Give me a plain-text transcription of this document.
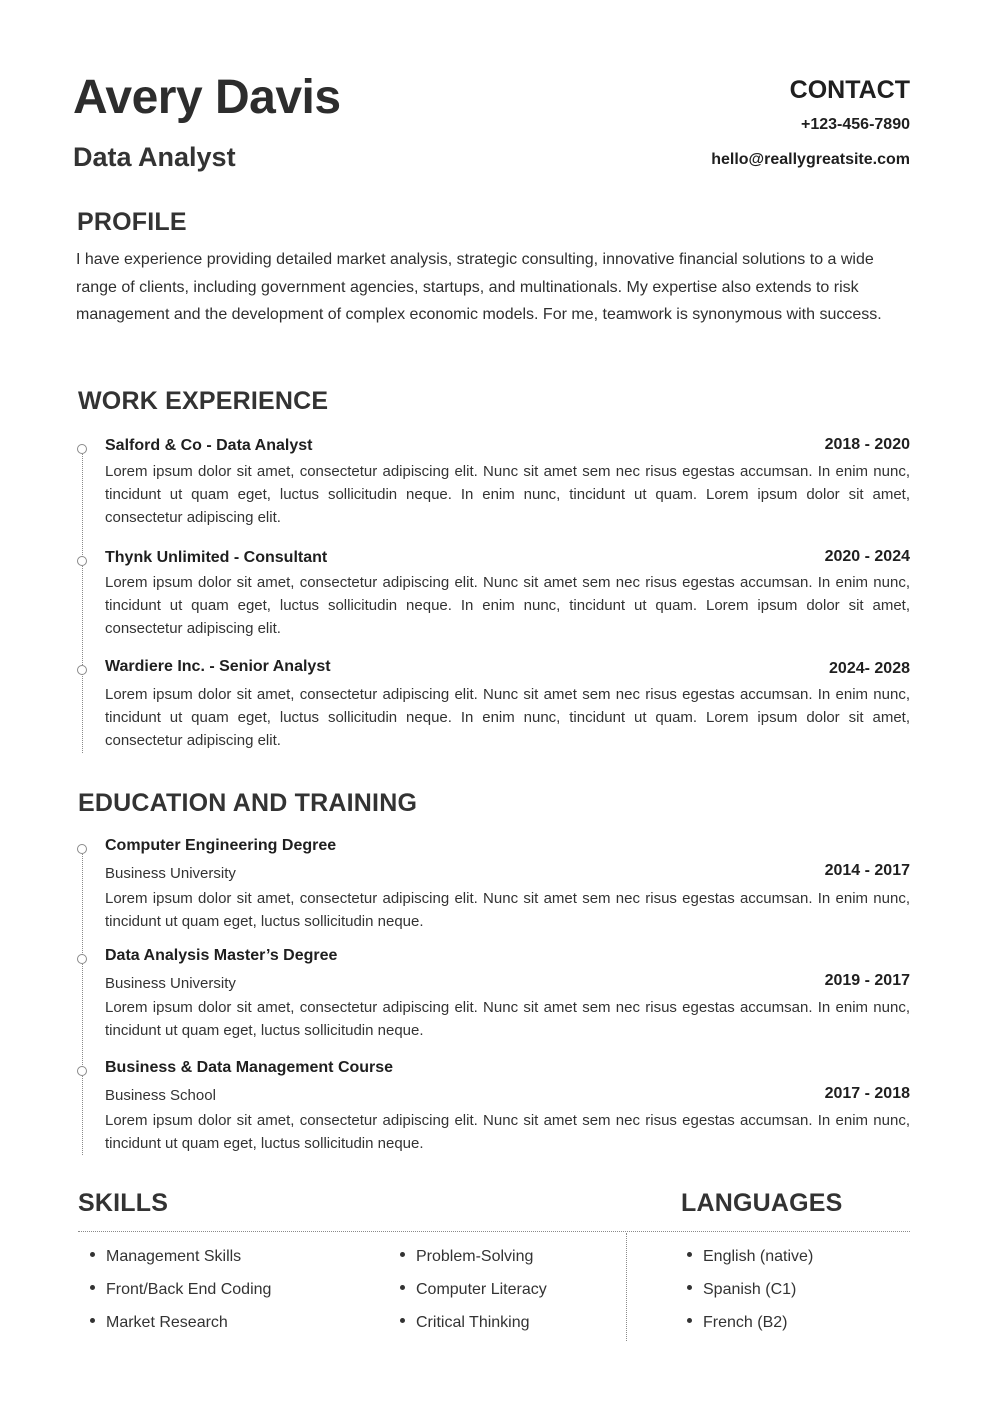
Avery Davis
Data Analyst
CONTACT
+123-456-7890
hello@reallygreatsite.com
PROFILE
I have experience providing detailed market analysis, strategic consulting, innovative financial solutions to a wide range of clients, including government agencies, startups, and multinationals. My expertise also extends to risk management and the development of complex economic models. For me, teamwork is synonymous with success.
WORK EXPERIENCE
Salford & Co - Data Analyst	2018 - 2020
Lorem ipsum dolor sit amet, consectetur adipiscing elit. Nunc sit amet sem nec risus egestas accumsan. In enim nunc, tincidunt ut quam eget, luctus sollicitudin neque. In enim nunc, tincidunt ut quam. Lorem ipsum dolor sit amet, consectetur adipiscing elit.
Thynk Unlimited - Consultant	2020 - 2024
Lorem ipsum dolor sit amet, consectetur adipiscing elit. Nunc sit amet sem nec risus egestas accumsan. In enim nunc, tincidunt ut quam eget, luctus sollicitudin neque. In enim nunc, tincidunt ut quam. Lorem ipsum dolor sit amet, consectetur adipiscing elit.
Wardiere Inc. - Senior Analyst	2024- 2028
Lorem ipsum dolor sit amet, consectetur adipiscing elit. Nunc sit amet sem nec risus egestas accumsan. In enim nunc, tincidunt ut quam eget, luctus sollicitudin neque. In enim nunc, tincidunt ut quam. Lorem ipsum dolor sit amet, consectetur adipiscing elit.
EDUCATION AND TRAINING
Computer Engineering Degree
Business University	2014 - 2017
Lorem ipsum dolor sit amet, consectetur adipiscing elit. Nunc sit amet sem nec risus egestas accumsan. In enim nunc, tincidunt ut quam eget, luctus sollicitudin neque.
Data Analysis Master’s Degree
Business University	2019 - 2017
Lorem ipsum dolor sit amet, consectetur adipiscing elit. Nunc sit amet sem nec risus egestas accumsan. In enim nunc, tincidunt ut quam eget, luctus sollicitudin neque.
Business & Data Management Course
Business School	2017 - 2018
Lorem ipsum dolor sit amet, consectetur adipiscing elit. Nunc sit amet sem nec risus egestas accumsan. In enim nunc, tincidunt ut quam eget, luctus sollicitudin neque.
SKILLS	LANGUAGES
Management Skills
Front/Back End Coding
Market Research
Problem-Solving
Computer Literacy
Critical Thinking
English (native)
Spanish (C1)
French (B2)
